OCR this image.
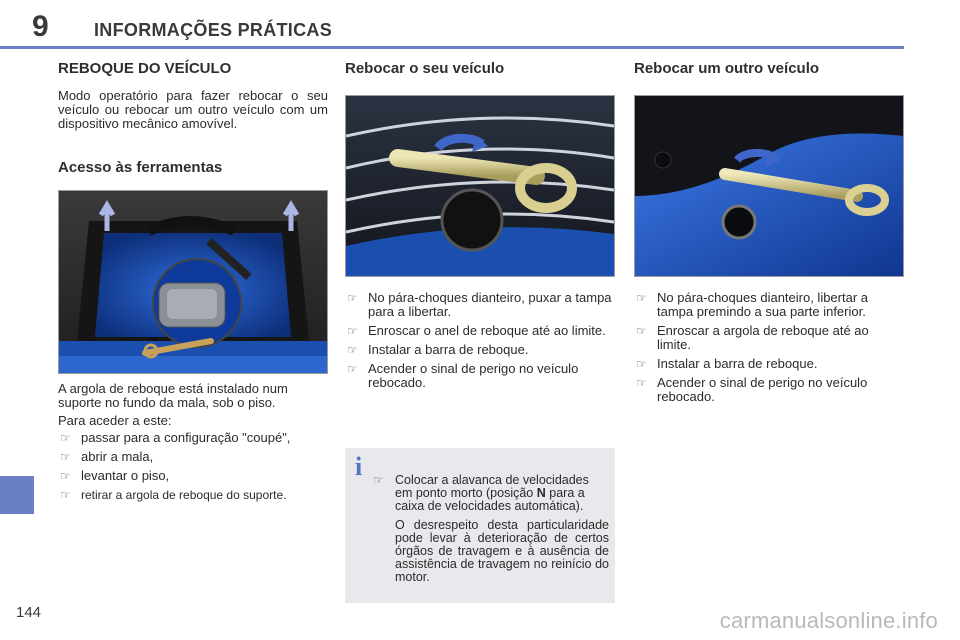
9	INFORMAÇÕES PRÁTICAS
REBOQUE DO VEÍCULO

Modo operatório para fazer rebocar o seu veículo ou rebocar um outro veículo com um dispositivo mecânico amovível.

Acesso às ferramentas

A argola de reboque está instalado num suporte no fundo da mala, sob o piso.

Para aceder a este:

☞ passar para a configuração "coupé",
☞ abrir a mala,
☞ levantar o piso,
☞ retirar a argola de reboque do suporte.
Rebocar o seu veículo
☞ No pára-choques dianteiro, puxar a tampa para a libertar.
☞ Enroscar o anel de reboque até ao limite.
☞ Instalar a barra de reboque.
☞ Acender o sinal de perigo no veículo rebocado.
Rebocar um outro veículo
☞ No pára-choques dianteiro, libertar a tampa premindo a sua parte inferior.
☞ Enroscar a argola de reboque até ao limite.
☞ Instalar a barra de reboque.
☞ Acender o sinal de perigo no veículo rebocado.
i ☞ Colocar a alavanca de velocidades em ponto morto (posição N para a caixa de velocidades automática).

O desrespeito desta particularidade pode levar à deterioração de certos órgãos de travagem e à ausência de assistência de travagem no reinício do motor.

144	carmanualsonline.info
